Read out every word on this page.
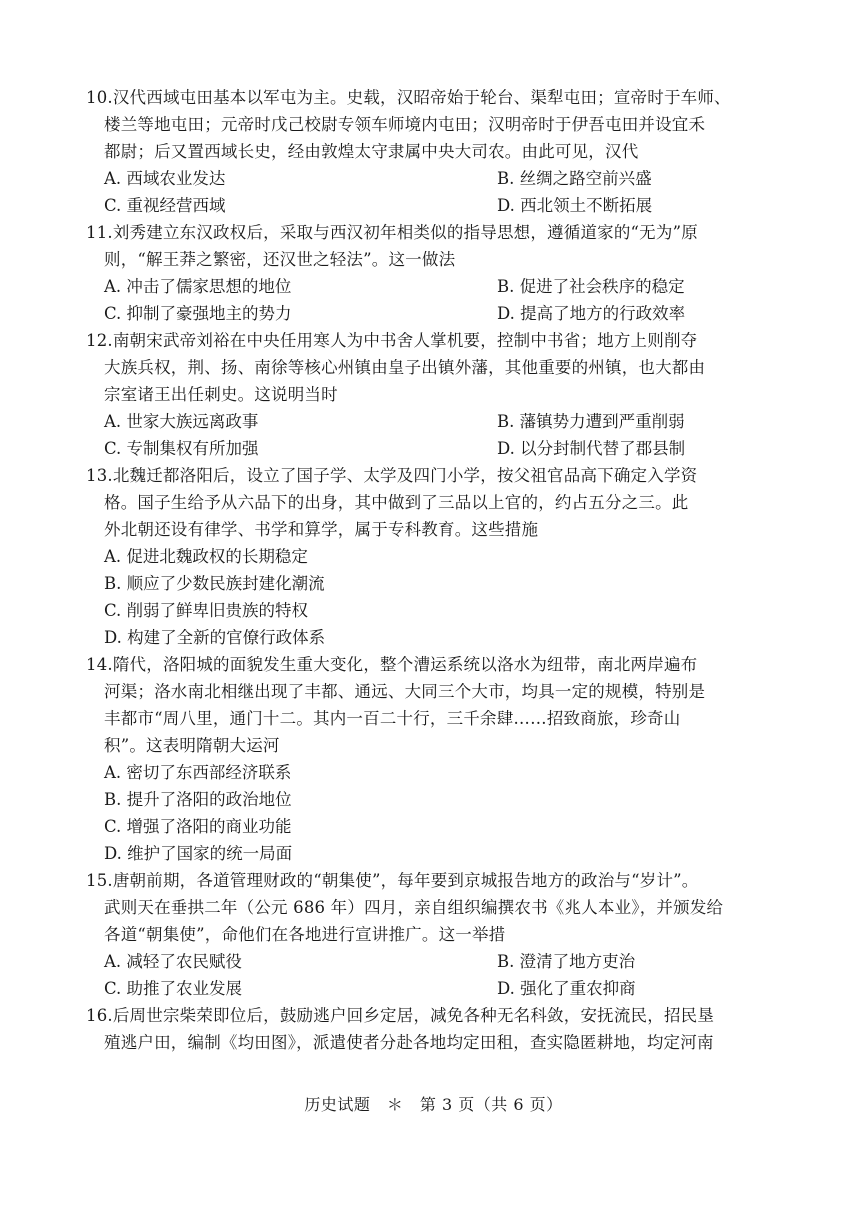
10.汉代西域屯田基本以军屯为主。史载，汉昭帝始于轮台、渠犁屯田；宣帝时于车师、
楼兰等地屯田；元帝时戊己校尉专领车师境内屯田；汉明帝时于伊吾屯田并设宜禾
都尉；后又置西域长史，经由敦煌太守隶属中央大司农。由此可见，汉代
A. 西域农业发达	B. 丝绸之路空前兴盛
C. 重视经营西域	D. 西北领土不断拓展
11.刘秀建立东汉政权后，采取与西汉初年相类似的指导思想，遵循道家的“无为”原
则，“解王莽之繁密，还汉世之轻法”。这一做法
A. 冲击了儒家思想的地位	B. 促进了社会秩序的稳定
C. 抑制了豪强地主的势力	D. 提高了地方的行政效率
12.南朝宋武帝刘裕在中央任用寒人为中书舍人掌机要，控制中书省；地方上则削夺
大族兵权，荆、扬、南徐等核心州镇由皇子出镇外藩，其他重要的州镇，也大都由
宗室诸王出任刺史。这说明当时
A. 世家大族远离政事	B. 藩镇势力遭到严重削弱
C. 专制集权有所加强	D. 以分封制代替了郡县制
13.北魏迁都洛阳后，设立了国子学、太学及四门小学，按父祖官品高下确定入学资
格。国子生给予从六品下的出身，其中做到了三品以上官的，约占五分之三。此
外北朝还设有律学、书学和算学，属于专科教育。这些措施
A. 促进北魏政权的长期稳定
B. 顺应了少数民族封建化潮流
C. 削弱了鲜卑旧贵族的特权
D. 构建了全新的官僚行政体系
14.隋代，洛阳城的面貌发生重大变化，整个漕运系统以洛水为纽带，南北两岸遍布
河渠；洛水南北相继出现了丰都、通远、大同三个大市，均具一定的规模，特别是
丰都市“周八里，通门十二。其内一百二十行，三千余肆……招致商旅，珍奇山
积”。这表明隋朝大运河
A. 密切了东西部经济联系
B. 提升了洛阳的政治地位
C. 增强了洛阳的商业功能
D. 维护了国家的统一局面
15.唐朝前期，各道管理财政的“朝集使”，每年要到京城报告地方的政治与“岁计”。
武则天在垂拱二年（公元 686 年）四月，亲自组织编撰农书《兆人本业》，并颁发给
各道“朝集使”，命他们在各地进行宣讲推广。这一举措
A. 减轻了农民赋役	B. 澄清了地方吏治
C. 助推了农业发展	D. 强化了重农抑商
16.后周世宗柴荣即位后，鼓励逃户回乡定居，减免各种无名科敛，安抚流民，招民垦
殖逃户田，编制《均田图》，派遣使者分赴各地均定田租，查实隐匿耕地，均定河南
历史试题　＊　第 3 页（共 6 页）
